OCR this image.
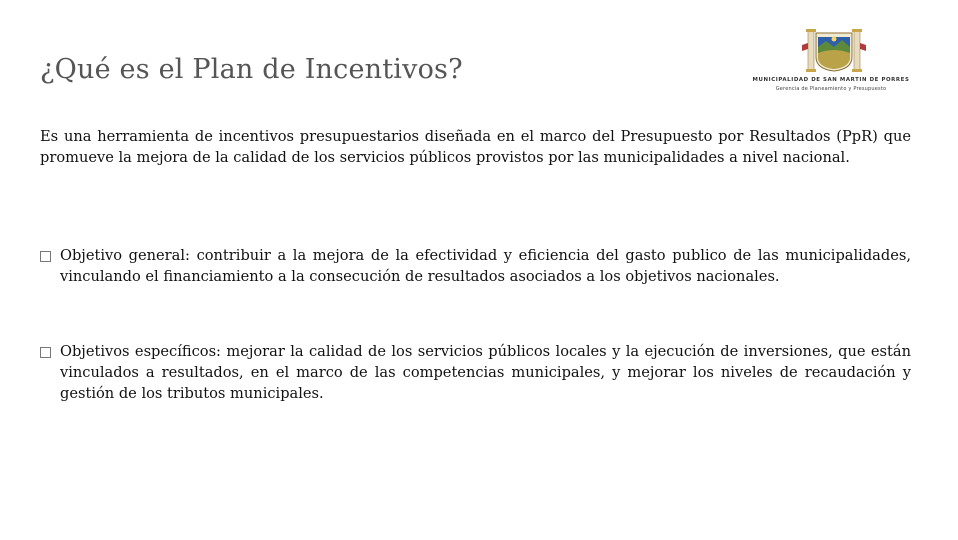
¿Qué es el Plan de Incentivos?	MUNICIPALIDAD DE SAN MARTIN DE PORRES
Gerencia de Planeamiento y Presupuesto

Es una herramienta de incentivos presupuestarios diseñada en el marco del Presupuesto por Resultados (PpR) que promueve la mejora de la calidad de los servicios públicos provistos por las municipalidades a nivel nacional.

Objetivo general: contribuir a la mejora de la efectividad y eficiencia del gasto publico de las municipalidades, vinculando el financiamiento a la consecución de resultados asociados a los objetivos nacionales.

Objetivos específicos: mejorar la calidad de los servicios públicos locales y la ejecución de inversiones, que están vinculados a resultados, en el marco de las competencias municipales, y mejorar los niveles de recaudación y gestión de los tributos municipales.
